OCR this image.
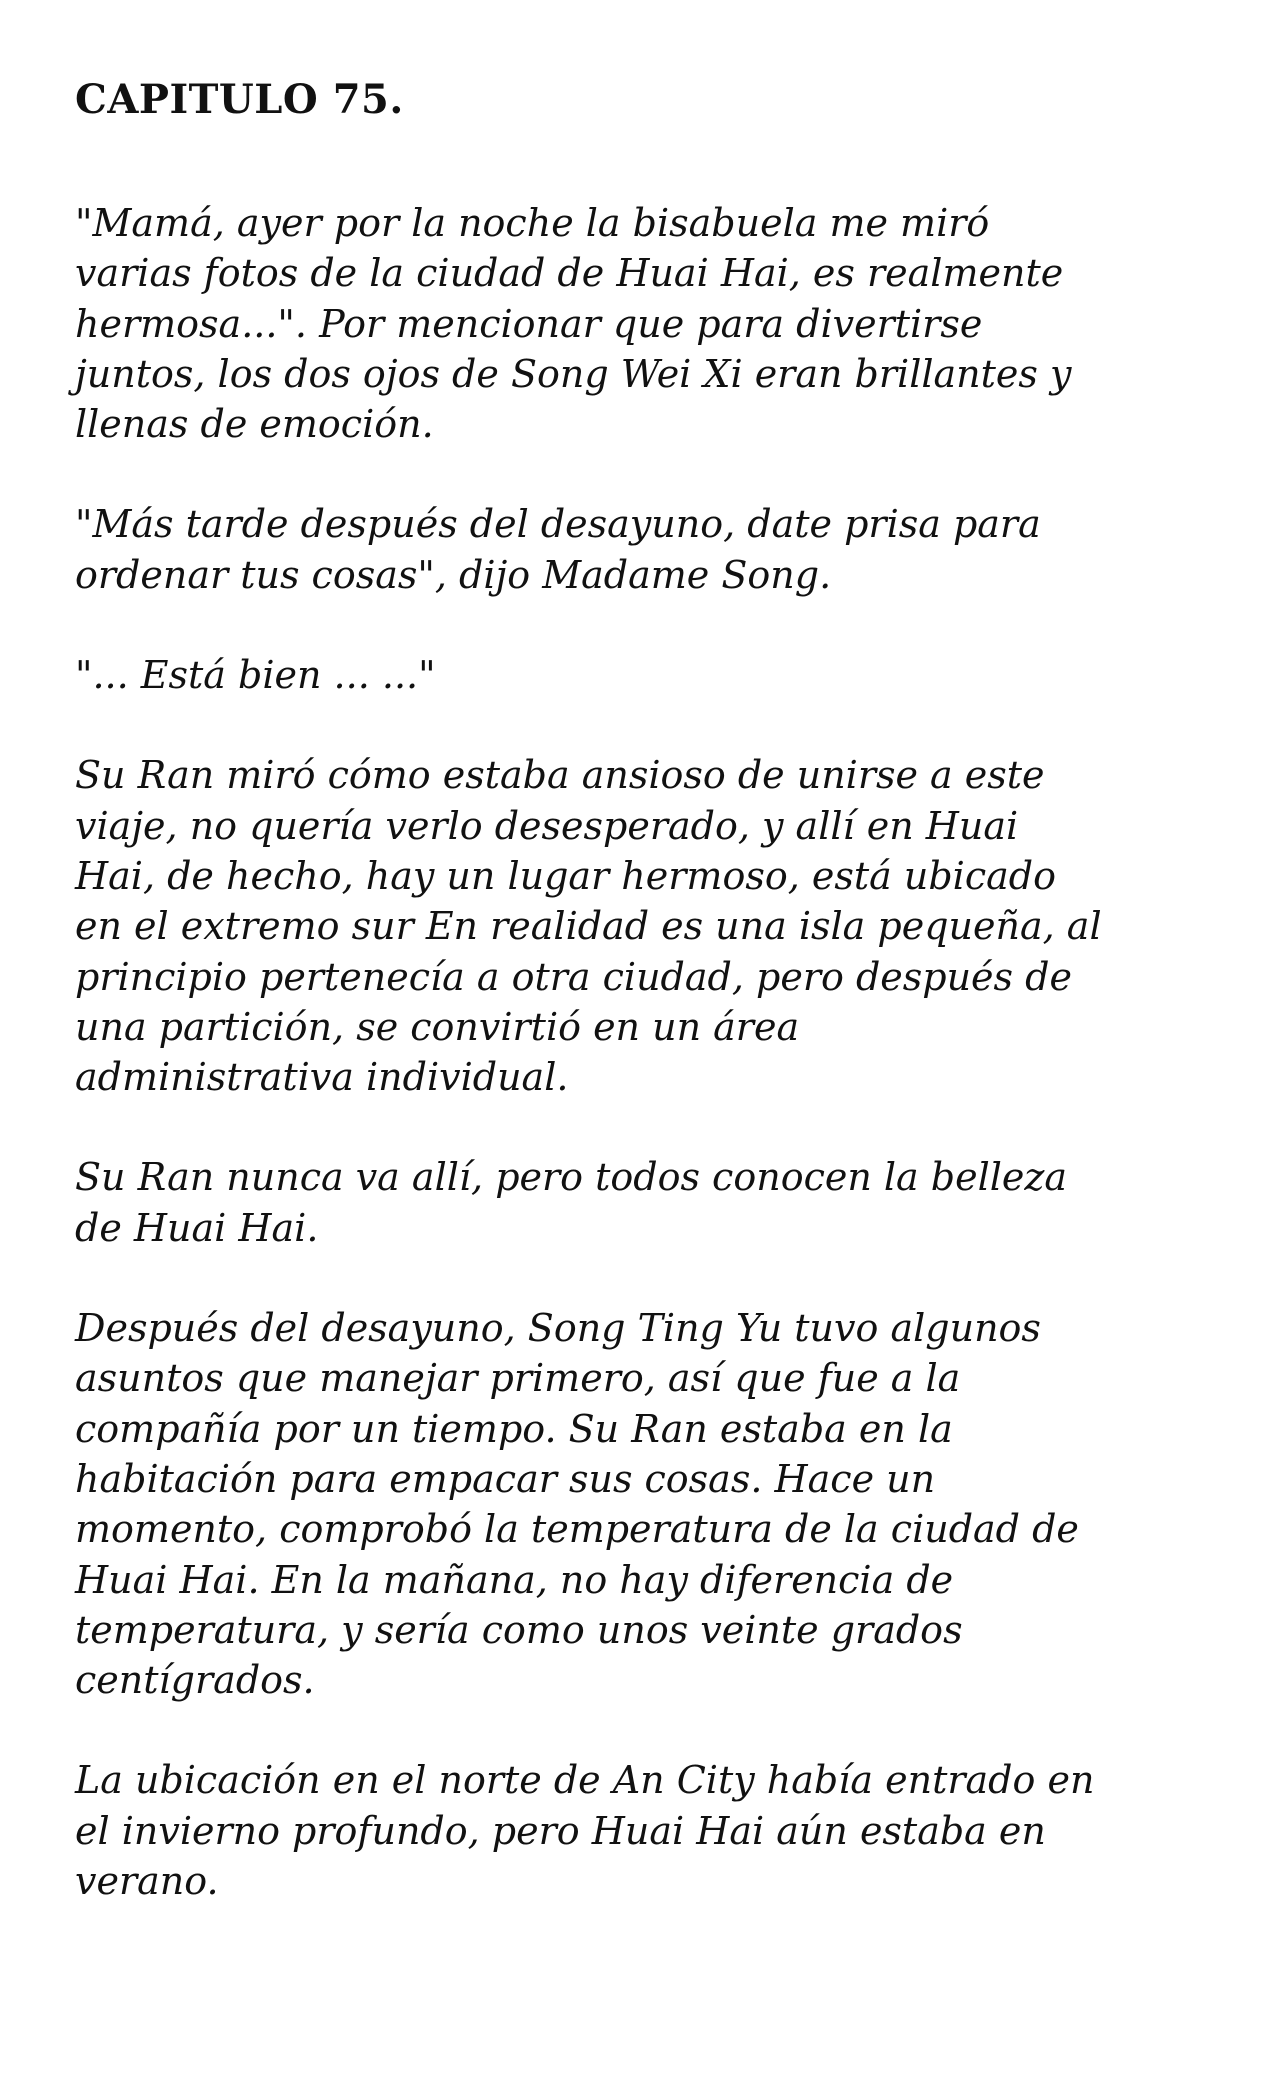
CAPITULO 75.

"Mamá, ayer por la noche la bisabuela me miró
varias fotos de la ciudad de Huai Hai, es realmente
hermosa...". Por mencionar que para divertirse
juntos, los dos ojos de Song Wei Xi eran brillantes y
llenas de emoción.

"Más tarde después del desayuno, date prisa para
ordenar tus cosas", dijo Madame Song.

"... Está bien ... ..."

Su Ran miró cómo estaba ansioso de unirse a este
viaje, no quería verlo desesperado, y allí en Huai
Hai, de hecho, hay un lugar hermoso, está ubicado
en el extremo sur En realidad es una isla pequeña, al
principio pertenecía a otra ciudad, pero después de
una partición, se convirtió en un área
administrativa individual.

Su Ran nunca va allí, pero todos conocen la belleza
de Huai Hai.

Después del desayuno, Song Ting Yu tuvo algunos
asuntos que manejar primero, así que fue a la
compañía por un tiempo. Su Ran estaba en la
habitación para empacar sus cosas. Hace un
momento, comprobó la temperatura de la ciudad de
Huai Hai. En la mañana, no hay diferencia de
temperatura, y sería como unos veinte grados
centígrados.

La ubicación en el norte de An City había entrado en
el invierno profundo, pero Huai Hai aún estaba en
verano.
